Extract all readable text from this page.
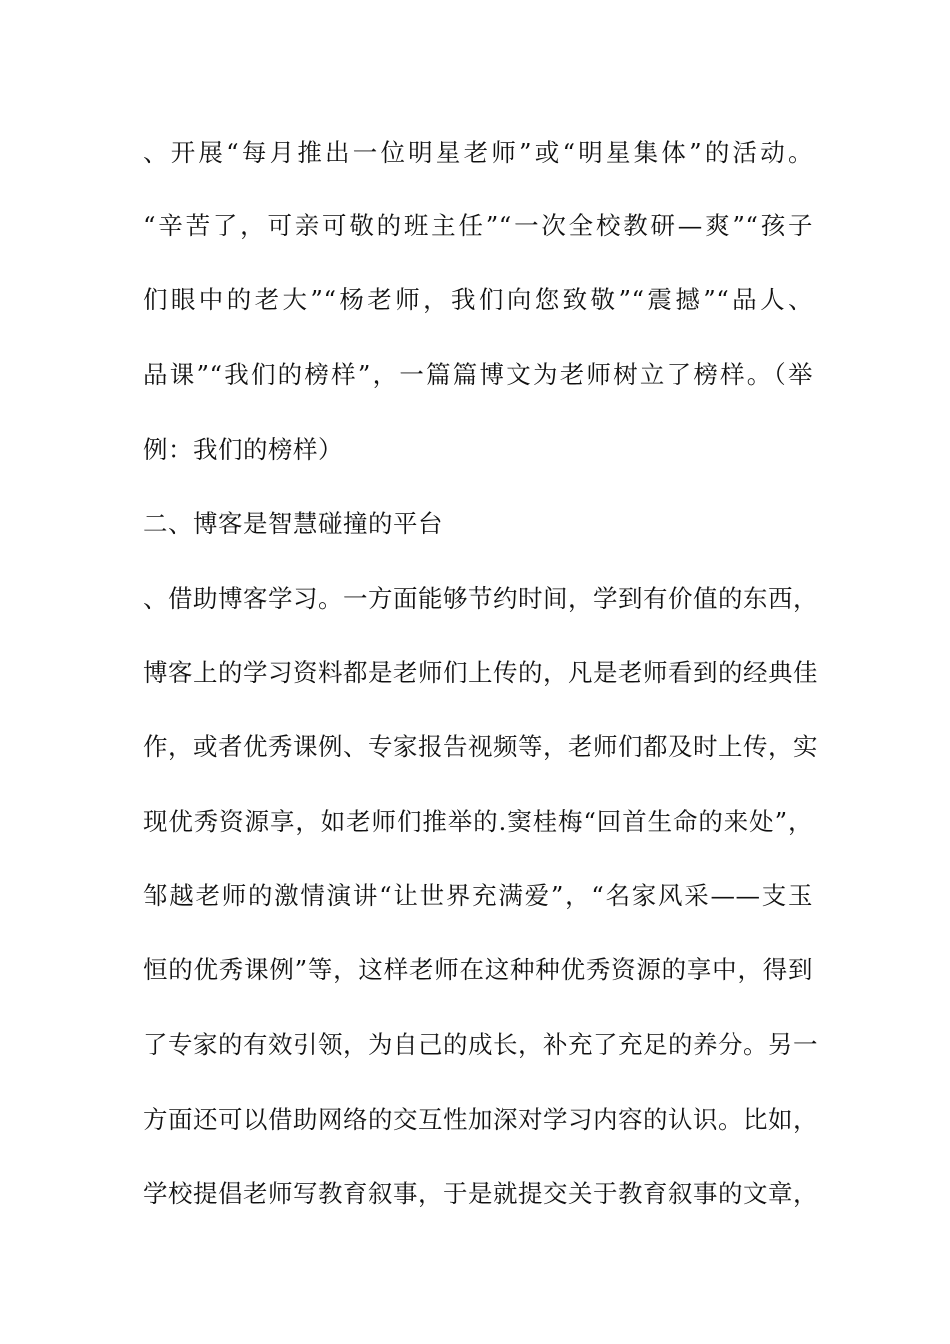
、开展“每月推出一位明星老师”或“明星集体”的活动。
“辛苦了，可亲可敬的班主任”“一次全校教研—爽”“孩子
们眼中的老大”“杨老师，我们向您致敬”“震撼”“品人、
品课”“我们的榜样”，一篇篇博文为老师树立了榜样。（举
例：我们的榜样）
二、博客是智慧碰撞的平台
、借助博客学习。一方面能够节约时间，学到有价值的东西，
博客上的学习资料都是老师们上传的，凡是老师看到的经典佳
作，或者优秀课例、专家报告视频等，老师们都及时上传，实
现优秀资源享，如老师们推举的.窦桂梅“回首生命的来处”，
邹越老师的激情演讲“让世界充满爱”，“名家风采——支玉
恒的优秀课例”等，这样老师在这种种优秀资源的享中，得到
了专家的有效引领，为自己的成长，补充了充足的养分。另一
方面还可以借助网络的交互性加深对学习内容的认识。比如，
学校提倡老师写教育叙事，于是就提交关于教育叙事的文章，
